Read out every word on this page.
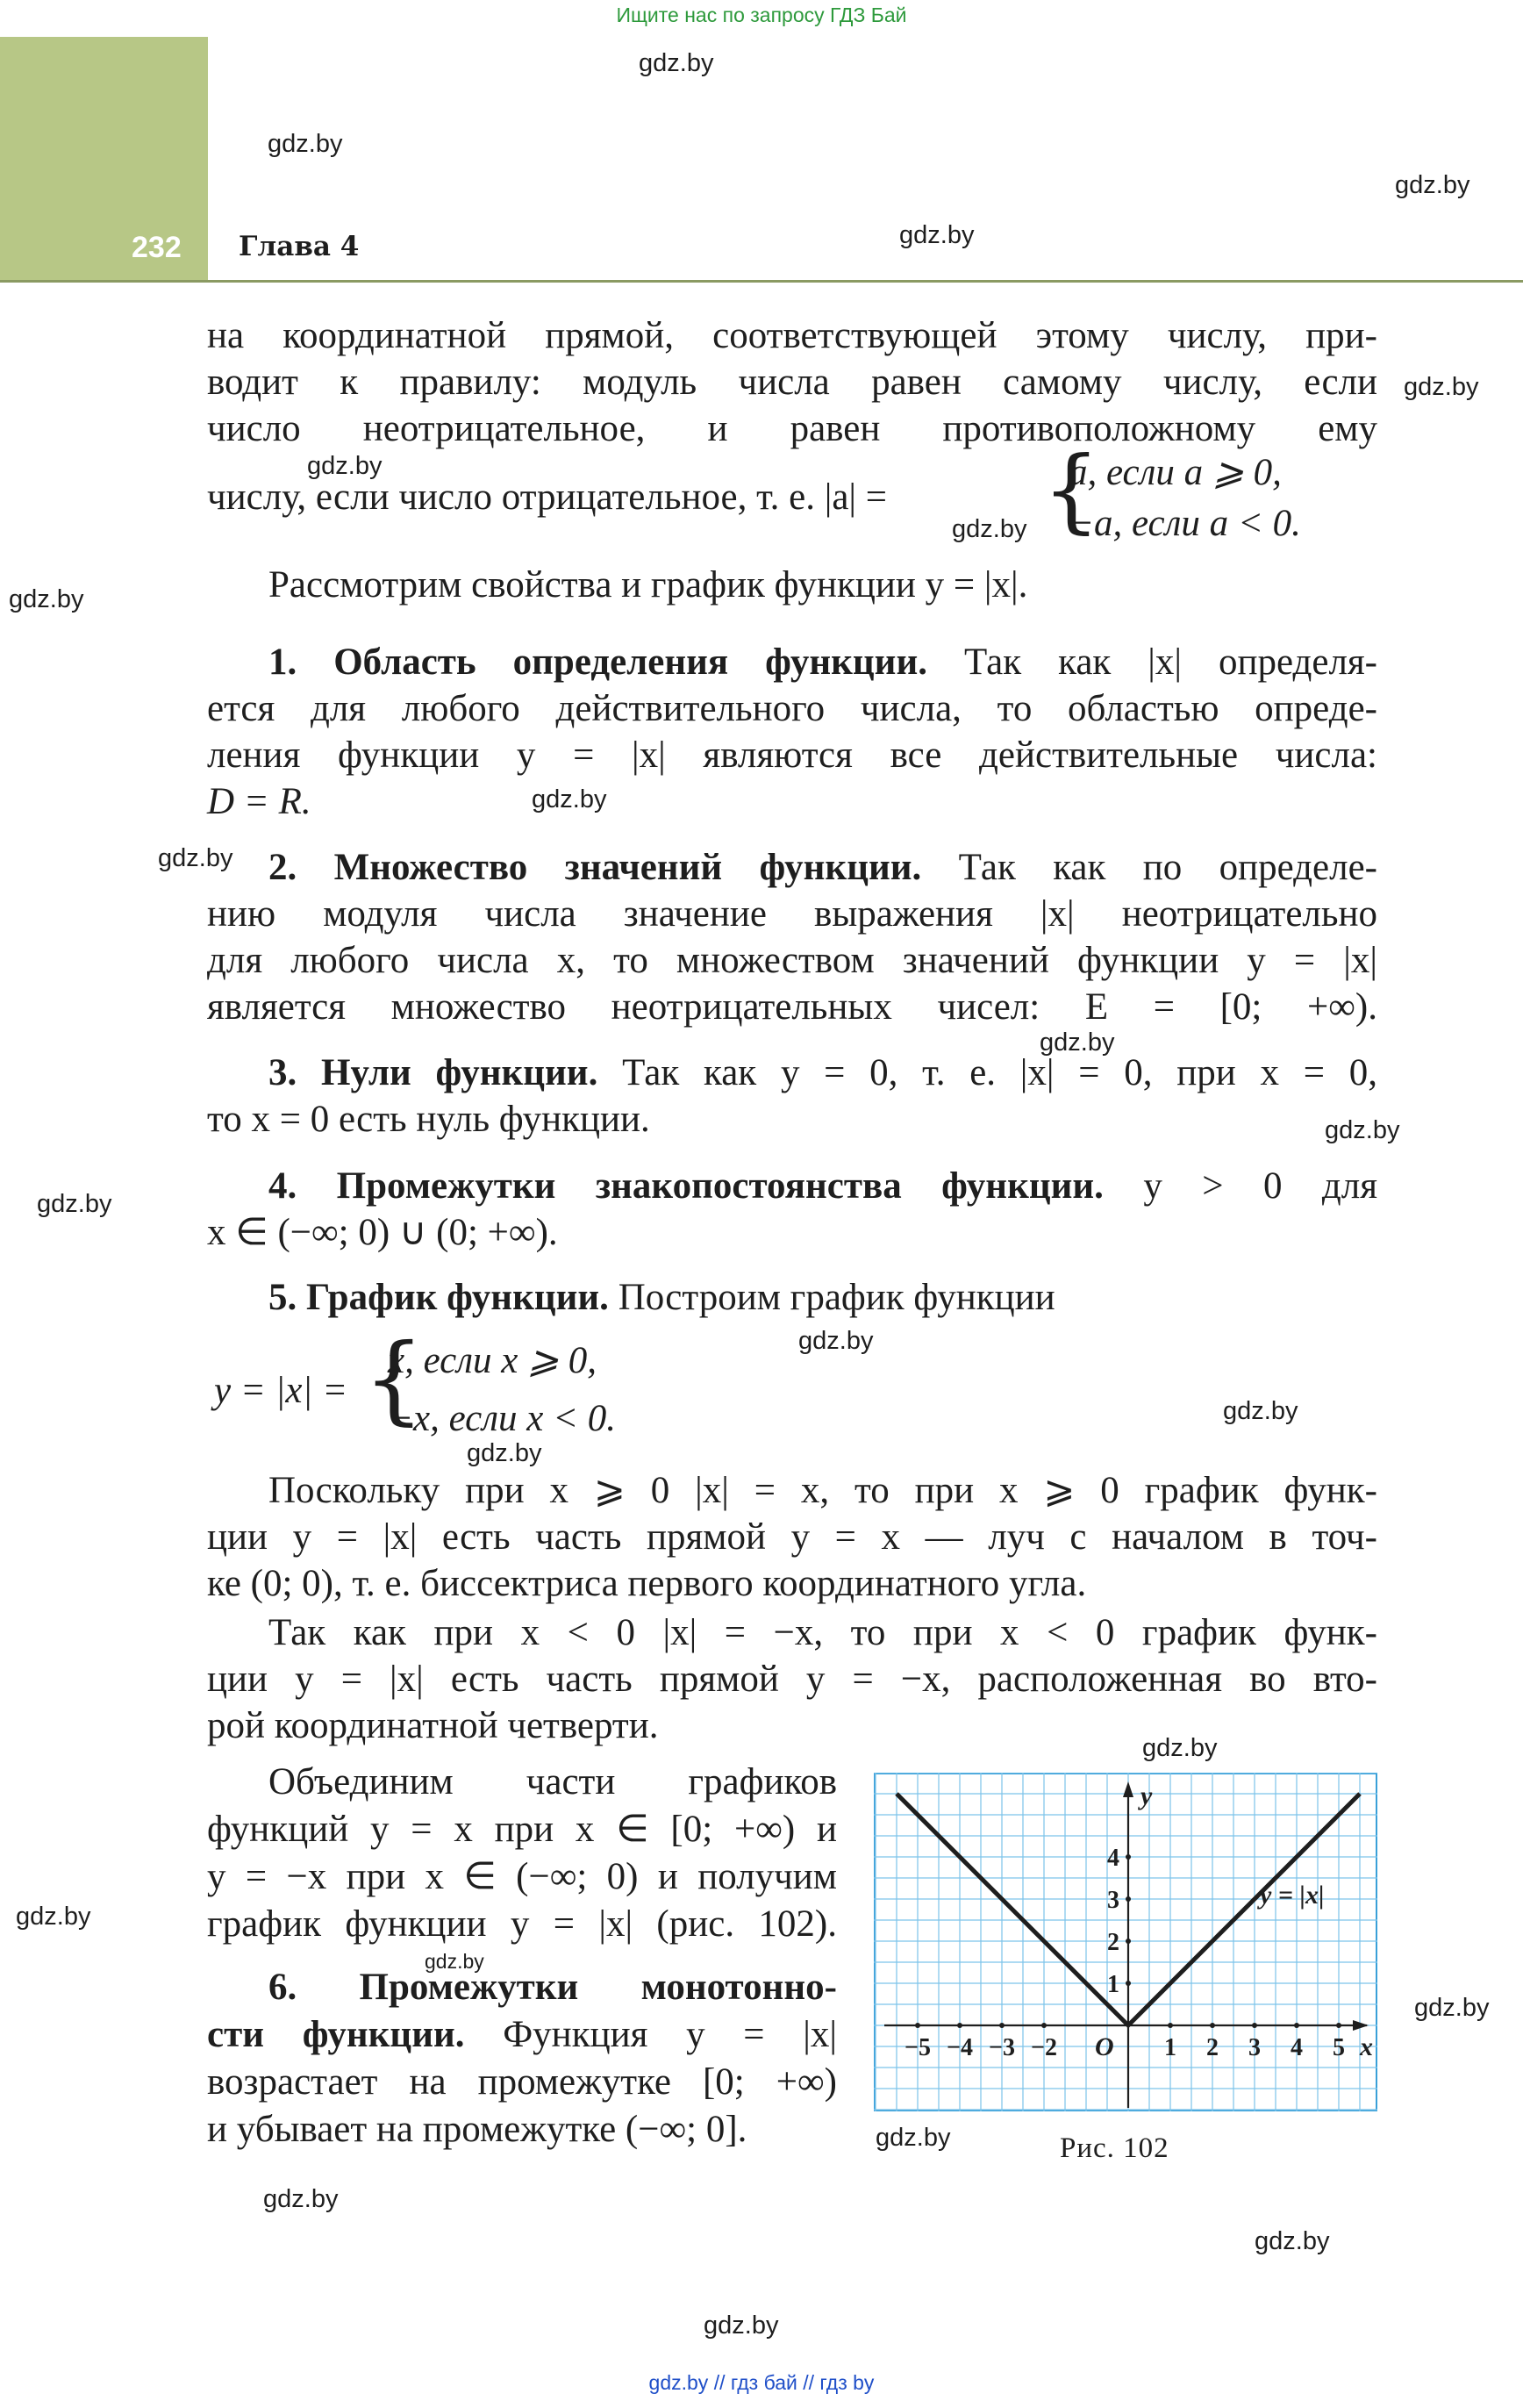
Ищите нас по запросу ГДЗ Бай
232 Глава 4
gdz.by
gdz.by
gdz.by
gdz.by
gdz.by
gdz.by
gdz.by
gdz.by
gdz.by
gdz.by
gdz.by
gdz.by
gdz.by
gdz.by
gdz.by
gdz.by
gdz.by
gdz.by
gdz.by
gdz.by
gdz.by
gdz.by
gdz.by
gdz.by
на координатной прямой, соответствующей этому числу, при-
водит к правилу: модуль числа равен самому числу, если
число неотрицательное, и равен противоположному ему
числу, если число отрицательное, т. е. |a| = {
a, если a ⩾ 0,
−a, если a < 0.
Рассмотрим свойства и график функции y = |x|.
1. Область определения функции. Так как |x| определя-
ется для любого действительного числа, то областью опреде-
ления функции y = |x| являются все действительные числа:
D = R.
2. Множество значений функции. Так как по определе-
нию модуля числа значение выражения |x| неотрицательно
для любого числа x, то множеством значений функции y = |x|
является множество неотрицательных чисел: E = [0; +∞).
3. Нули функции. Так как y = 0, т. е. |x| = 0, при x = 0,
то x = 0 есть нуль функции.
4. Промежутки знакопостоянства функции. y > 0 для
x ∈ (−∞; 0) ∪ (0; +∞).
5. График функции. Построим график функции
y = |x| = {
x, если x ⩾ 0,
−x, если x < 0.
Поскольку при x ⩾ 0 |x| = x, то при x ⩾ 0 график функ-
ции y = |x| есть часть прямой y = x — луч с началом в точ-
ке (0; 0), т. е. биссектриса первого координатного угла.
Так как при x < 0 |x| = −x, то при x < 0 график функ-
ции y = |x| есть часть прямой y = −x, расположенная во вто-
рой координатной четверти.
Объединим части графиков
функций y = x при x ∈ [0; +∞) и
y = −x при x ∈ (−∞; 0) и получим
график функции y = |x| (рис. 102).
6. Промежутки монотонно-
сти функции. Функция y = |x|
возрастает на промежутке [0; +∞)
и убывает на промежутке (−∞; 0].
−5 −4 −3 −2	1 2 3 4 5
1
2
3
4
O	x
y
y = |x|
Рис. 102
gdz.by // гдз бай // гдз by
